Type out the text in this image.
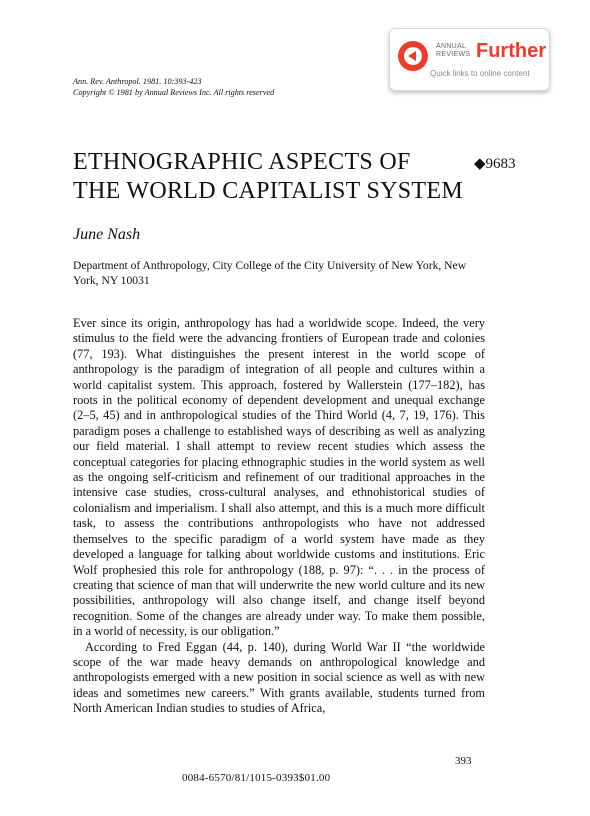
ANNUAL
REVIEWS Further
Quick links to online content
Ann. Rev. Anthropol. 1981. 10:393-423
Copyright © 1981 by Annual Reviews Inc. All rights reserved
ETHNOGRAPHIC ASPECTS OF
THE WORLD CAPITALIST SYSTEM
◆9683
June Nash
Department of Anthropology, City College of the City University of New York, New York, NY 10031

Ever since its origin, anthropology has had a worldwide scope. Indeed, the very stimulus to the field were the advancing frontiers of European trade and colonies (77, 193). What distinguishes the present interest in the world scope of anthropology is the paradigm of integration of all people and cultures within a world capitalist system. This approach, fostered by Wallerstein (177–182), has roots in the political economy of dependent development and unequal exchange (2–5, 45) and in anthropological studies of the Third World (4, 7, 19, 176). This paradigm poses a challenge to established ways of describing as well as analyzing our field material. I shall attempt to review recent studies which assess the conceptual categories for placing ethnographic studies in the world system as well as the ongoing self-criticism and refinement of our traditional approaches in the intensive case studies, cross-cultural analyses, and ethnohistorical studies of colonialism and imperialism. I shall also attempt, and this is a much more difficult task, to assess the contributions anthropologists who have not addressed themselves to the specific paradigm of a world system have made as they developed a language for talking about worldwide customs and institutions. Eric Wolf prophesied this role for anthropology (188, p. 97): “. . . in the process of creating that science of man that will underwrite the new world culture and its new possibilities, anthropology will also change itself, and change itself beyond recognition. Some of the changes are already under way. To make them possible, in a world of necessity, is our obligation.”

According to Fred Eggan (44, p. 140), during World War II “the worldwide scope of the war made heavy demands on anthropological knowledge and anthropologists emerged with a new position in social science as well as with new ideas and sometimes new careers.” With grants available, students turned from North American Indian studies to studies of Africa,

393
0084-6570/81/1015-0393$01.00
